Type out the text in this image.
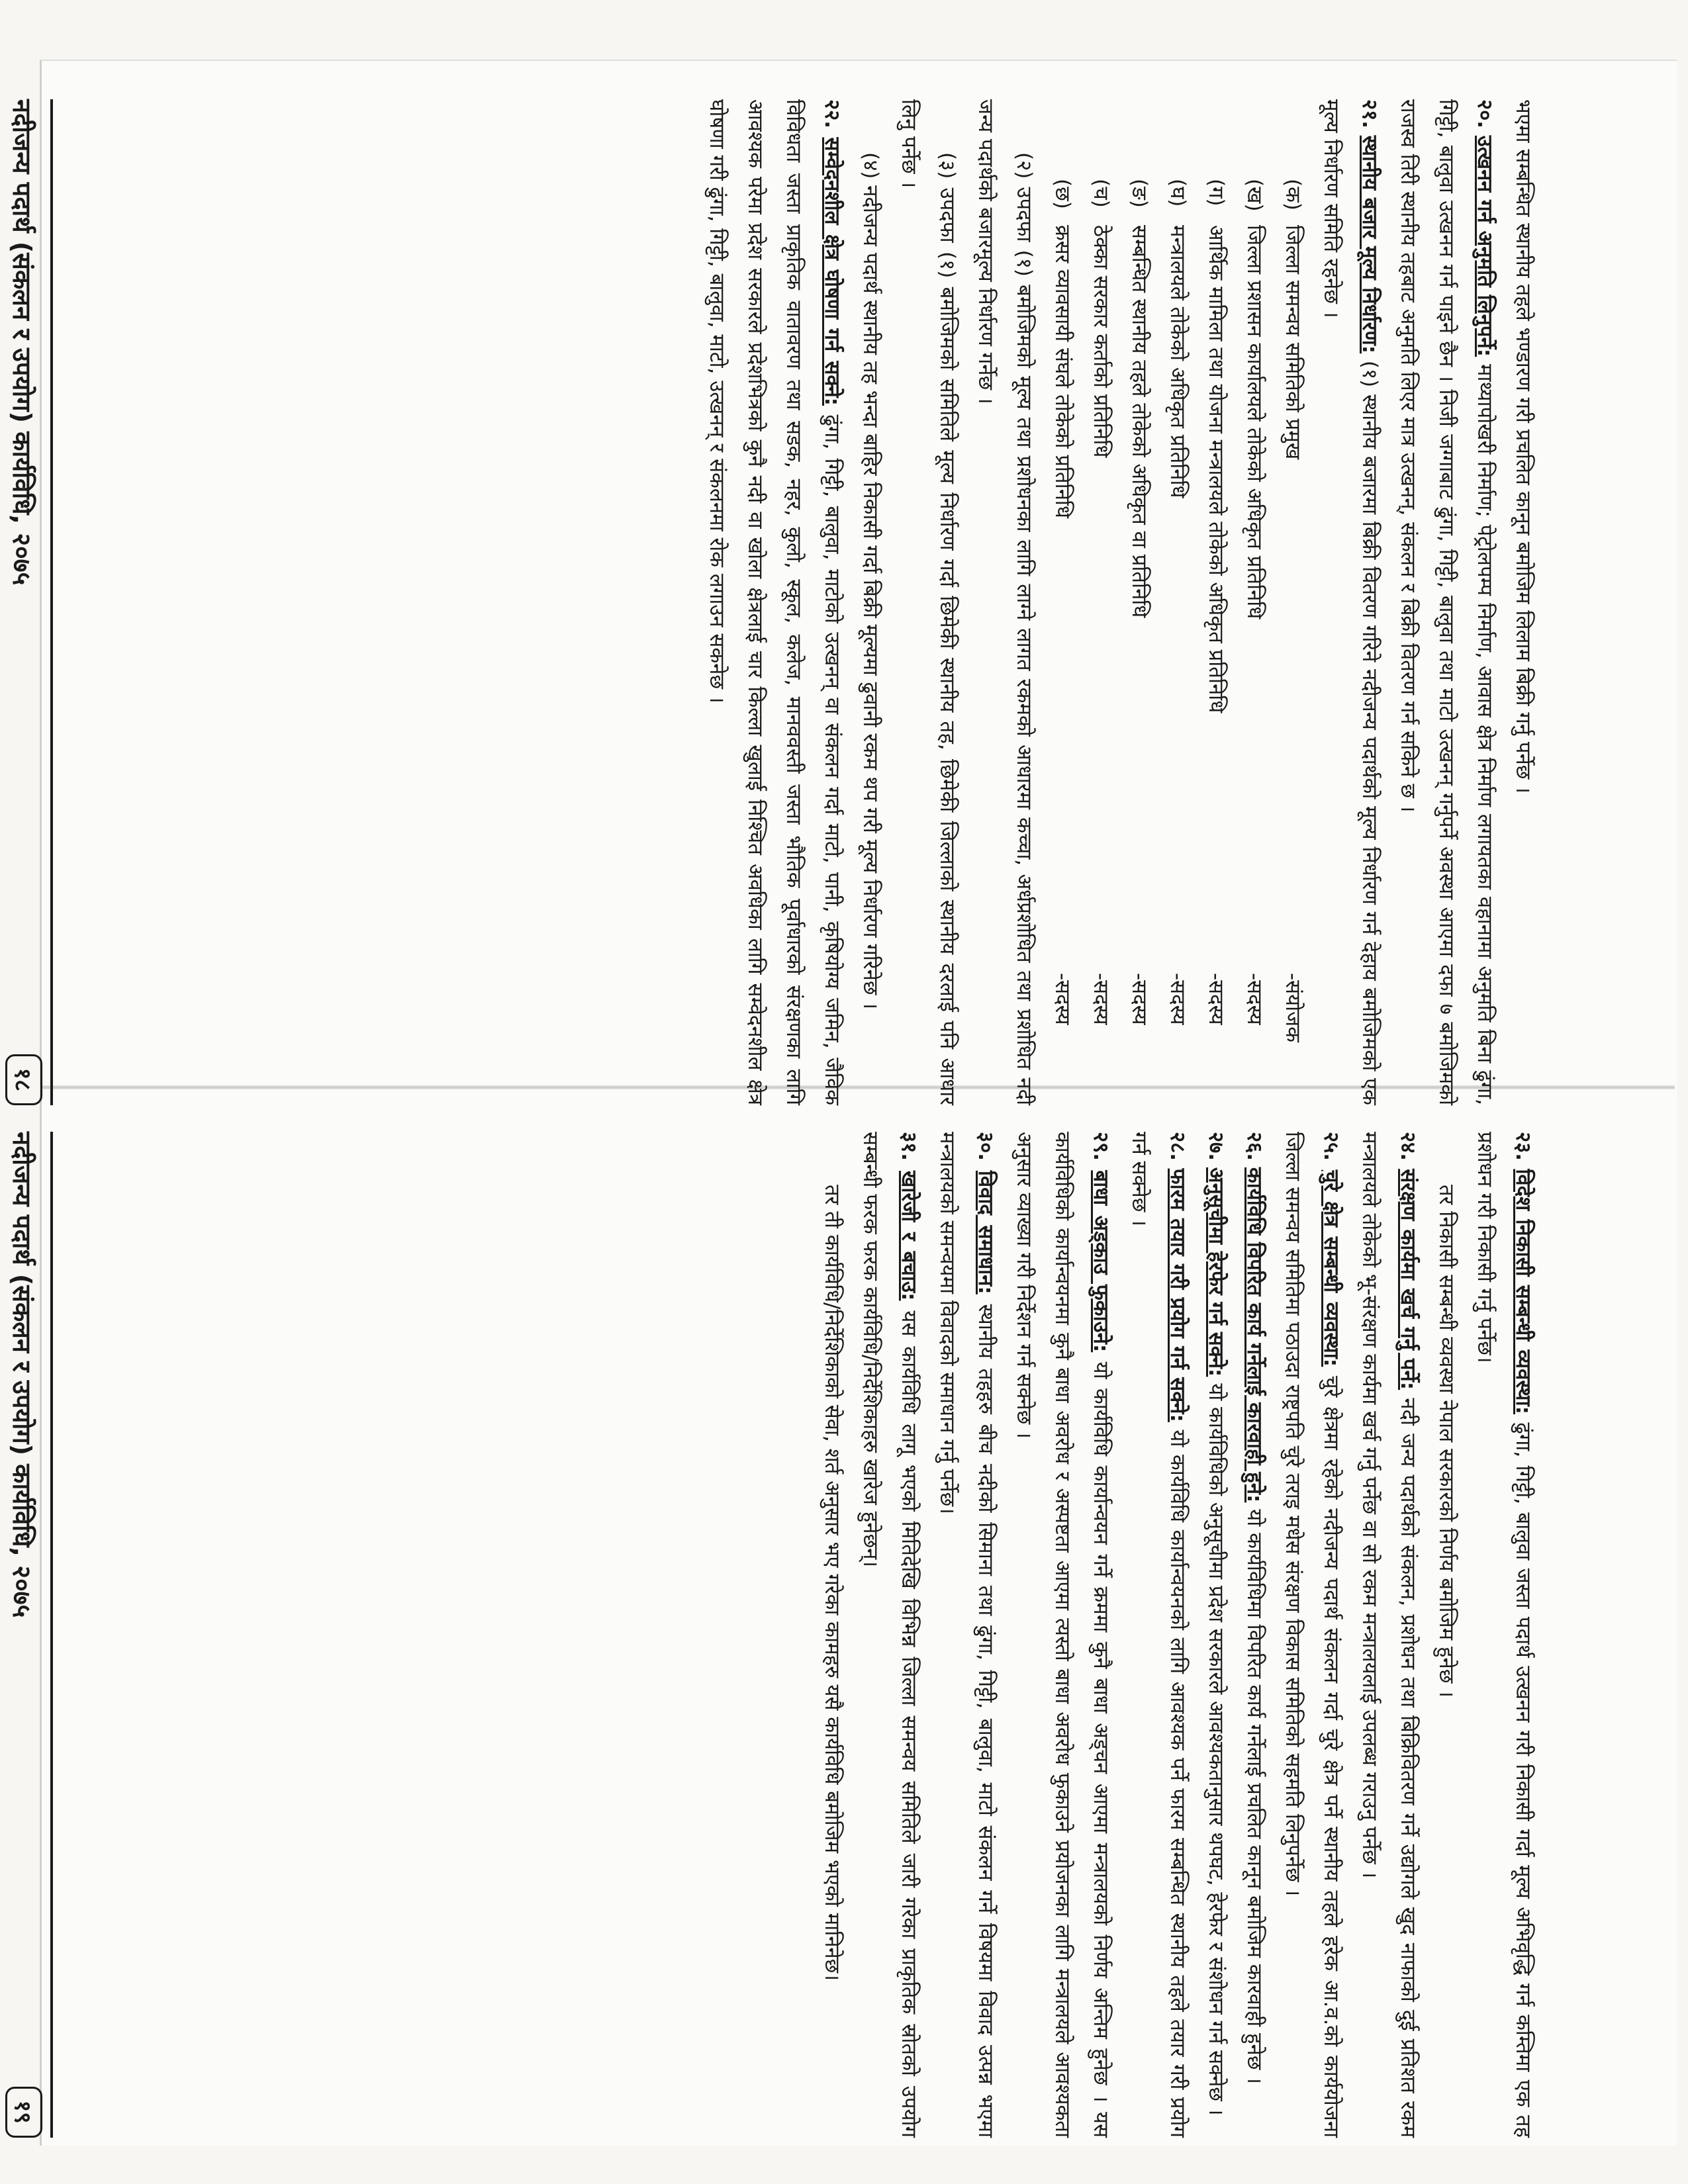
भएमा सम्बन्धित स्थानीय तहले भण्डारण गरी प्रचलित कानून बमोजिम लिलाम बिक्री गर्नु पर्नेछ ।

२०. उत्खनन गर्न अनुमति लिनुपर्ने: माथ्यापोखरी निर्माण; पेट्रोलपम्प निर्माण, आवास क्षेत्र निर्माण लगायतका वहानामा अनुमति बिना ढुंगा, गिट्टी, बालुवा उत्खनन गर्न पाइने छैन । निजी जग्गाबाट ढुंगा, गिट्टी, बालुवा तथा माटो उत्खनन् गर्नुपर्ने अवस्था आएमा दफा ७ बमोजिमको राजस्व तिरी स्थानीय तहबाट अनुमति लिएर मात्र उत्खनन्, संकलन र बिक्री वितरण गर्न सकिने छ ।

२१. स्थानीय बजार मूल्य निर्धारण: (१) स्थानीय बजारमा बिक्री वितरण गरिने नदीजन्य पदार्थको मूल्य निर्धारण गर्न देहाय बमोजिमको एक मूल्य निर्धारण समिति रहनेछ ।

(क)
जिल्ला समन्वय समितिको प्रमुख
-संयोजक
(ख)
जिल्ला प्रशासन कार्यालयले तोकेको अधिकृत प्रतिनिधि
-सदस्य
(ग)
आर्थिक मामिला तथा योजना मन्त्रालयले तोकेको अधिकृत प्रतिनिधि
-सदस्य
(घ)
मन्त्रालयले तोकेको अधिकृत प्रतिनिधि
-सदस्य
(ङ)
सम्बन्धित स्थानीय तहले तोकेको अधिकृत वा प्रतिनिधि
-सदस्य
(च)
ठेक्का सरकार कर्ताको प्रतिनिधि
-सदस्य
(छ)
क्रसर व्यावसायी संघले तोकेको प्रतिनिधि
-सदस्य

(२) उपदफा (१) बमोजिमको मूल्य तथा प्रशोधनका लागि लाग्ने लागत रकमको आधारमा कच्चा, अर्धप्रशोधित तथा प्रशोधित नदी जन्य पदार्थको बजारमूल्य निर्धारण गर्नेछ ।

(३) उपदफा (१) बमोजिमको समितिले मूल्य निर्धारण गर्दा छिमेकी स्थानीय तह, छिमेकी जिल्लाको स्थानीय दरलाई पनि आधार लिनु पर्नेछ ।

(४) नदीजन्य पदार्थ स्थानीय तह भन्दा बाहिर निकासी गर्दा बिक्री मूल्यमा ढुवानी रकम थप गरी मूल्य निर्धारण गरिनेछ ।

२२. सम्वेदनशील क्षेत्र घोषणा गर्न सक्ने: ढुंगा, गिट्टी, बालुवा, माटोको उत्खनन् वा संकलन गर्दा माटो, पानी, कृषियोग्य जमिन, जैविक विविधता जस्ता प्राकृतिक वातावरण तथा सडक, नहर, कुलो, स्कूल, कलेज, मानववस्ती जस्ता भौतिक पूर्वाधारको संरक्षणका लागि आवश्यक परेमा प्रदेश सरकारले प्रदेशभित्रको कुनै नदी वा खोला क्षेत्रलाई चार किल्ला खुलाई निश्चित अवधिका लागि सम्वेदनशील क्षेत्र घोषणा गरी ढुंगा, गिट्टी, बालुवा, माटो, उत्खनन् र संकलनमा रोक लगाउन सकनेछ ।

नदीजन्य पदार्थ (संकलन र उपयोग) कार्यविधि, २०७५
१८

२३. विदेश निकासी सम्बन्धी व्यवस्था: ढुंगा, गिट्टी, बालुवा जस्ता पदार्थ उत्खनन गरी निकासी गर्दा मूल्य अभिवृद्धि गर्न कम्तिमा एक तह प्रशोधन गरी निकासी गर्नु पर्नेछ।

तर निकासी सम्बन्धी व्यवस्था नेपाल सरकारको निर्णय बमोजिम हुनेछ ।

२४. संरक्षण कार्यमा खर्च गर्नु पर्ने: नदी जन्य पदार्थको संकलन, प्रशोधन तथा बिक्रिवितरण गर्ने उद्योगले खुद नाफाको दुई प्रतिशत रकम मन्त्रालयले तोकेको भू-संरक्षण कार्यमा खर्च गर्नु पर्नेछ वा सो रकम मन्त्रालयलाई उपलब्ध गराउनु पर्नेछ ।

२५. चुरे क्षेत्र सम्बन्धी व्यवस्था: चुरे क्षेत्रमा रहेको नदीजन्य पदार्थ संकलन गर्दा चुरे क्षेत्र पर्ने स्थानीय तहले हरेक आ.व.को कार्ययोजना जिल्ला समन्वय समितिमा पठाउदा राष्ट्रपति चुरे तराइ मधेस संरक्षण विकास समितिको सहमति लिनुपर्नेछ ।

२६. कार्यविधि विपरित कार्य गर्नेलाई कारवाही हुने: यो कार्यविधिमा विपरित कार्य गर्नेलाई प्रचलित कानून बमोजिम कारवाही हुनेछ ।

२७. अनुसूचीमा हेरफेर गर्न सक्ने: यो कार्यविधिको अनुसूचीमा प्रदेश सरकारले आवश्यकतानुसार थपघट, हेरफेर र संशोधन गर्न सक्नेछ ।

२८. फारम तयार गरी प्रयोग गर्न सक्ने: यो कार्यविधि कार्यान्वयनको लागि आवश्यक पर्ने फारम सम्बन्धित स्थानीय तहले तयार गरी प्रयोग गर्न सक्नेछ ।

२९. बाधा अड्काउ फुकाउने: यो कार्यविधि कार्यान्वयन गर्ने क्रममा कुनै बाधा अड्चन आएमा मन्त्रालयको निर्णय अन्तिम हुनेछ । यस कार्यविधिको कार्यान्वयनमा कुनै बाधा अवरोध र अस्पष्टता आएमा त्यस्तो बाधा अवरोध फुकाउने प्रयोजनका लागि मन्त्रालयले आवश्यकता अनुसार व्याख्या गरी निर्देशन गर्न सक्नेछ ।

३०. विवाद समाधान: स्थानीय तहहरु बीच नदीको सिमाना तथा ढुंगा, गिट्टी, बालुवा, माटो संकलन गर्ने विषयमा विवाद उत्पन्न भएमा मन्त्रालयको समन्वयमा विवादको समाधान गर्नु पर्नेछ।

३१. खारेजी र बचाउ: यस कार्यविधि लागू भएको मितिदेखि विभिन्न जिल्ला समन्वय समितिले जारी गरेका प्राकृतिक स्रोतको उपयोग सम्बन्धी फरक फरक कार्यविधि/निर्देशिकाहरु खारेज हुनेछन्।

तर ती कार्यविधि/निर्देशिकाको सेवा, शर्त अनुसार भए गरेका कामहरु यसै कार्यविधि बमोजिम भएको मानिनेछ।

नदीजन्य पदार्थ (संकलन र उपयोग) कार्यविधि, २०७५
१९
